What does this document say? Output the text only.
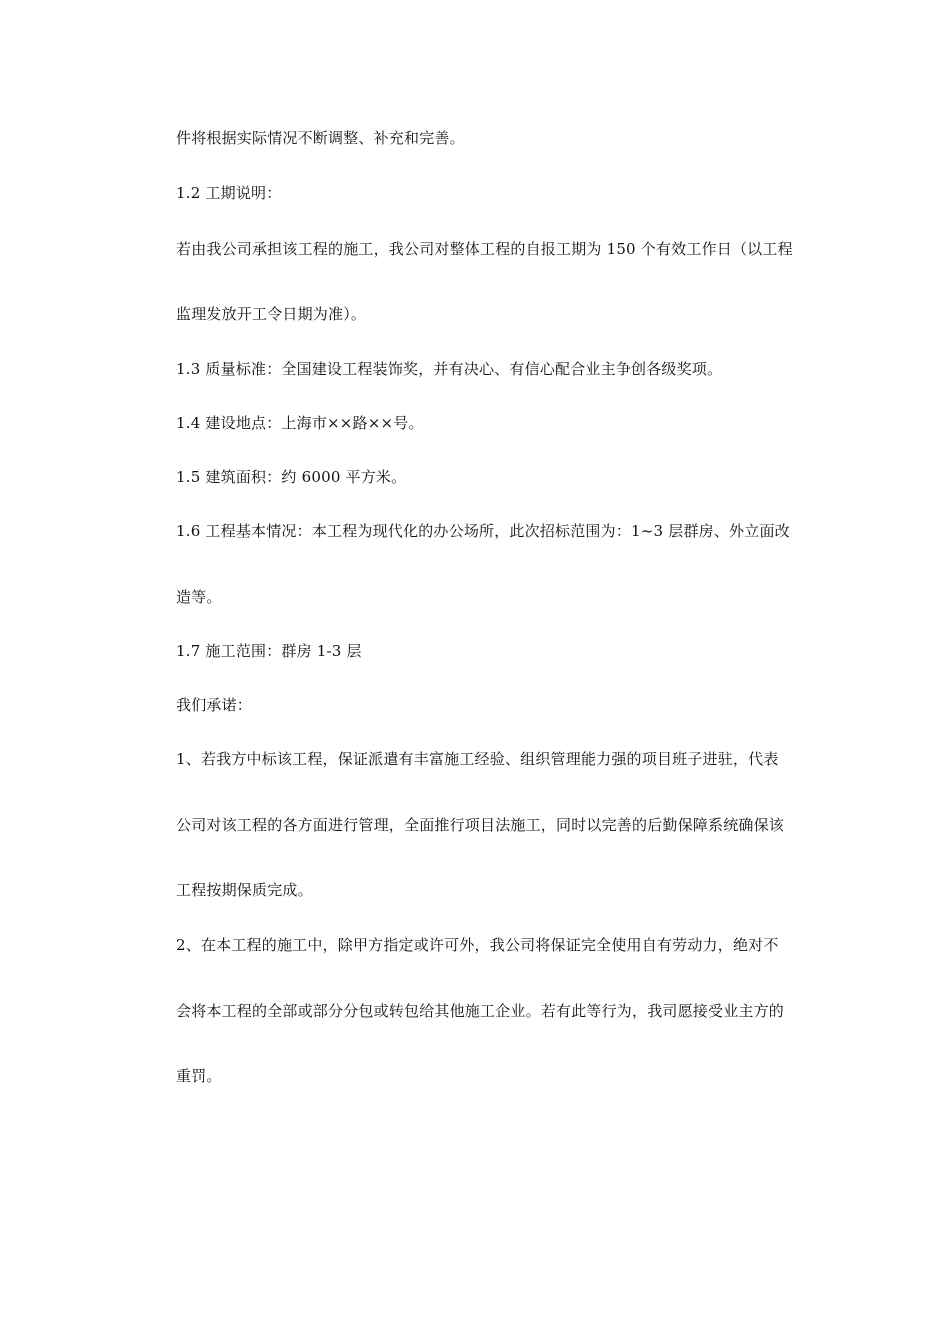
件将根据实际情况不断调整、补充和完善。

1.2 工期说明：

若由我公司承担该工程的施工，我公司对整体工程的自报工期为 150 个有效工作日（以工程

监理发放开工令日期为准）。

1.3 质量标准：全国建设工程装饰奖，并有决心、有信心配合业主争创各级奖项。

1.4 建设地点：上海市××路××号。

1.5 建筑面积：约 6000 平方米。

1.6 工程基本情况：本工程为现代化的办公场所，此次招标范围为：1~3 层群房、外立面改

造等。

1.7 施工范围：群房 1-3 层

我们承诺：

1、若我方中标该工程，保证派遣有丰富施工经验、组织管理能力强的项目班子进驻，代表

公司对该工程的各方面进行管理，全面推行项目法施工，同时以完善的后勤保障系统确保该

工程按期保质完成。

2、在本工程的施工中，除甲方指定或许可外，我公司将保证完全使用自有劳动力，绝对不

会将本工程的全部或部分分包或转包给其他施工企业。若有此等行为，我司愿接受业主方的

重罚。
